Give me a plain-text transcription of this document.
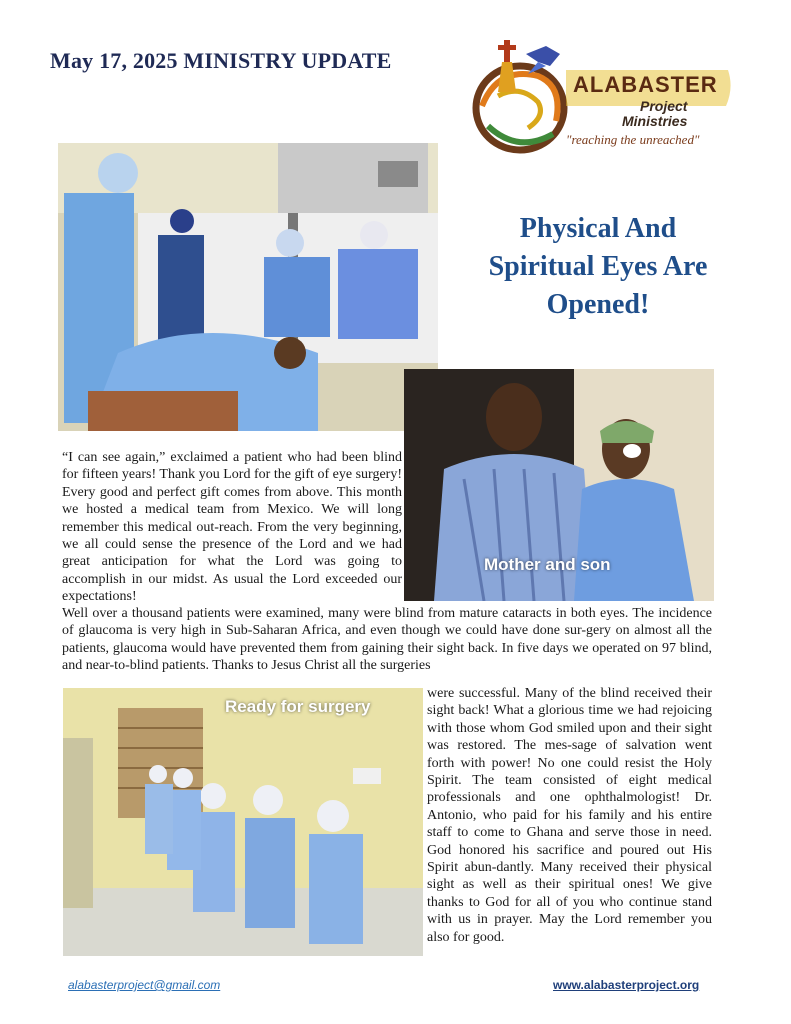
May 17, 2025 MINISTRY UPDATE
ALABASTER
Project
Ministries
"reaching the unreached"
Physical And Spiritual Eyes Are Opened!
Mother and son

“I can see again,” exclaimed a patient who had been blind for fifteen years! Thank you Lord for the gift of eye surgery! Every good and perfect gift comes from above. This month we hosted a medical team from Mexico. We will long remember this medical out-reach. From the very beginning, we all could sense the presence of the Lord and we had great anticipation for what the Lord was going to accomplish in our midst. As usual the Lord exceeded our expectations!

Well over a thousand patients were examined, many were blind from mature cataracts in both eyes. The incidence of glaucoma is very high in Sub-Saharan Africa, and even though we could have done sur-gery on almost all the patients, glaucoma would have prevented them from gaining their sight back. In five days we operated on 97 blind, and near-to-blind patients. Thanks to Jesus Christ all the surgeries

Ready for surgery

were successful. Many of the blind received their sight back! What a glorious time we had rejoicing with those whom God smiled upon and their sight was restored. The mes-sage of salvation went forth with power! No one could resist the Holy Spirit. The team consisted of eight medical professionals and one ophthalmologist! Dr. Antonio, who paid for his family and his entire staff to come to Ghana and serve those in need. God honored his sacrifice and poured out His Spirit abun-dantly. Many received their physical sight as well as their spiritual ones! We give thanks to God for all of you who continue stand with us in prayer. May the Lord remember you also for good.

alabasterproject@gmail.com	www.alabasterproject.org
